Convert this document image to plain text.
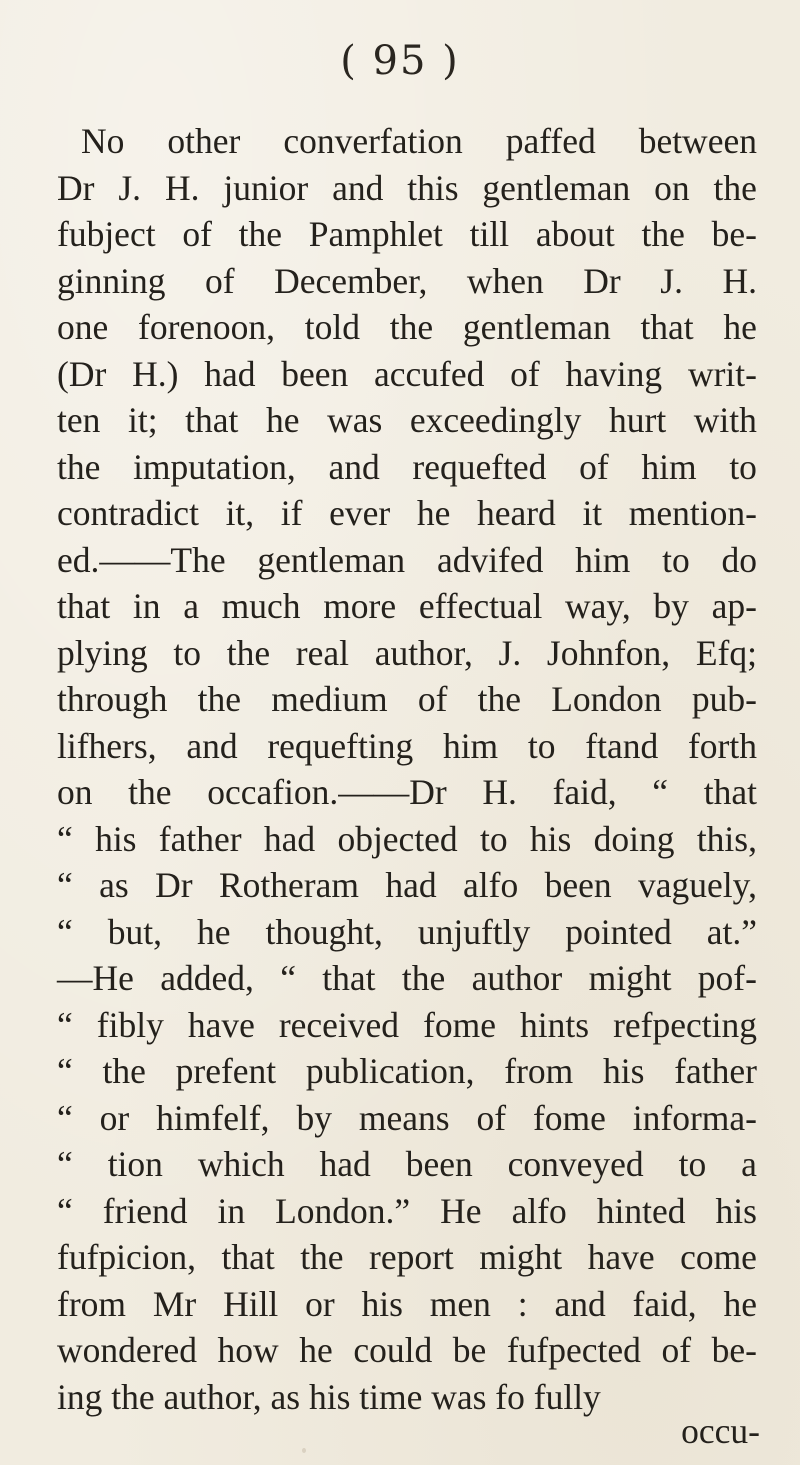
( 95 )
No other converfation paffed between
Dr J. H. junior and this gentleman on the
fubject of the Pamphlet till about the be-
ginning of December, when Dr J. H.
one forenoon, told the gentleman that he
(Dr H.) had been accufed of having writ-
ten it; that he was exceedingly hurt with
the imputation, and requefted of him to
contradict it, if ever he heard it mention-
ed.——The gentleman advifed him to do
that in a much more effectual way, by ap-
plying to the real author, J. Johnfon, Efq;
through the medium of the London pub-
lifhers, and requefting him to ftand forth
on the occafion.——Dr H. faid, “ that
“ his father had objected to his doing this,
“ as Dr Rotheram had alfo been vaguely,
“ but, he thought, unjuftly pointed at.”
—He added, “ that the author might pof-
“ fibly have received fome hints refpecting
“ the prefent publication, from his father
“ or himfelf, by means of fome informa-
“ tion which had been conveyed to a
“ friend in London.” He alfo hinted his
fufpicion, that the report might have come
from Mr Hill or his men : and faid, he
wondered how he could be fufpected of be-
ing the author, as his time was fo fully
occu-
